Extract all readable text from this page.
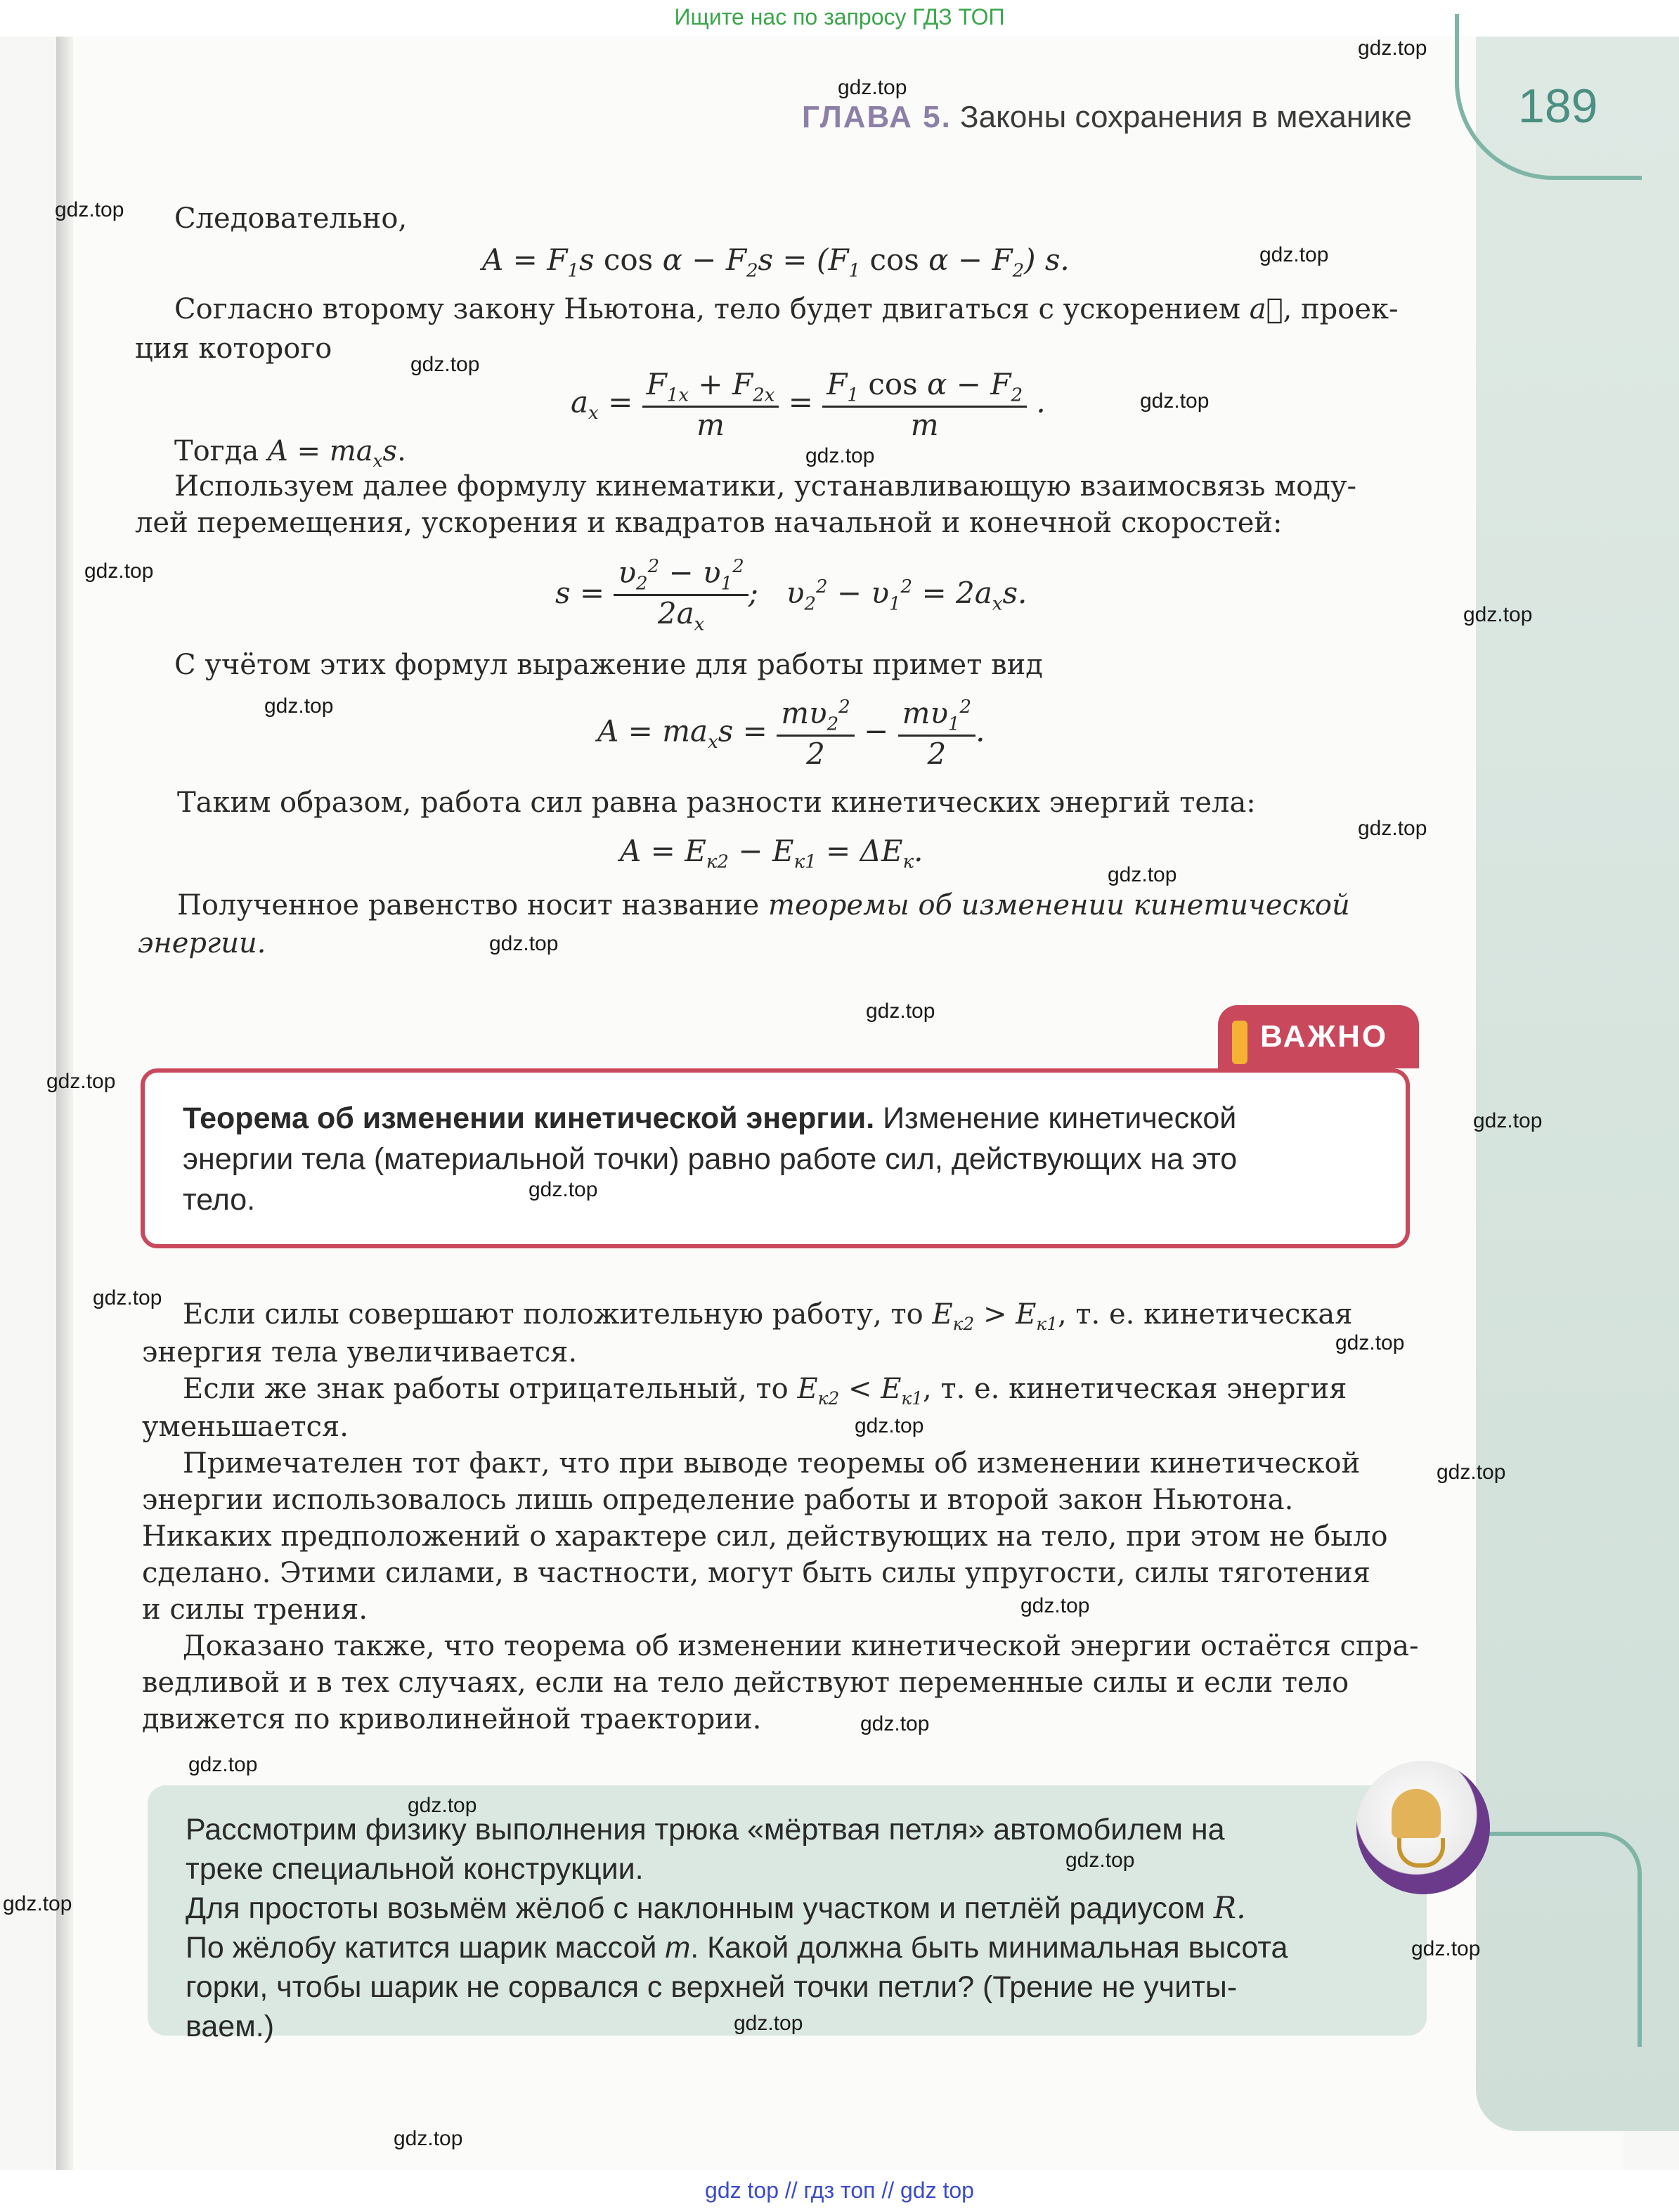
Ищите нас по запросу ГДЗ ТОП
189
ГЛАВА 5. Законы сохранения в механике
Следовательно,
$A = F_1s$ $\cos \alpha - F_2s = (F_1$ $\cos \alpha - F_2$) s.
Согласно второму закону Ньютона, тело будет двигаться с ускорением a⃗, проек-
ция которого
$a_x = \frac{F_{1x} + F_{2x}}{m} = \frac{F_1 \cos \alpha - F_2}{m}$ .
Тогда $A = ma_xs$.
Используем далее формулу кинематики, устанавливающую взаимосвязь моду-
лей перемещения, ускорения и квадратов начальной и конечной скоростей:
$s = \frac{\upsilon_2^2 - \upsilon_1^2}{2a_x}$ ;   $\upsilon_2^2 - \upsilon_1^2 = 2a_xs$.
С учётом этих формул выражение для работы примет вид
$A = ma_xs = \frac{m\upsilon_2^2}{2} - \frac{m\upsilon_1^2}{2}$ .
Таким образом, работа сил равна разности кинетических энергий тела:
$A = E_{к2} - E_{к1} = \Delta E_к$.
Полученное равенство носит название теоремы об изменении кинетической
энергии.
ВАЖНО
Теорема об изменении кинетической энергии. Изменение кинетической
энергии тела (материальной точки) равно работе сил, действующих на это
тело.
Если силы совершают положительную работу, то $E_{к2} > E_{к1}$, т. е. кинетическая
энергия тела увеличивается.
Если же знак работы отрицательный, то $E_{к2} < E_{к1}$, т. е. кинетическая энергия
уменьшается.
Примечателен тот факт, что при выводе теоремы об изменении кинетической
энергии использовалось лишь определение работы и второй закон Ньютона.
Никаких предположений о характере сил, действующих на тело, при этом не было
сделано. Этими силами, в частности, могут быть силы упругости, силы тяготения
и силы трения.
Доказано также, что теорема об изменении кинетической энергии остаётся спра-
ведливой и в тех случаях, если на тело действуют переменные силы и если тело
движется по криволинейной траектории.
Рассмотрим физику выполнения трюка «мёртвая петля» автомобилем на
треке специальной конструкции.
Для простоты возьмём жёлоб с наклонным участком и петлёй радиусом R.
По жёлобу катится шарик массой m. Какой должна быть минимальная высота
горки, чтобы шарик не сорвался с верхней точки петли? (Трение не учиты-
ваем.)
gdz.top
gdz.top
gdz.top
gdz.top
gdz.top
gdz.top
gdz.top
gdz.top
gdz.top
gdz.top
gdz.top
gdz.top
gdz.top
gdz.top
gdz.top
gdz.top
gdz.top
gdz.top
gdz.top
gdz.top
gdz.top
gdz.top
gdz.top
gdz.top
gdz.top
gdz.top
gdz.top
gdz.top
gdz.top
gdz.top
gdz top // гдз топ // gdz top
